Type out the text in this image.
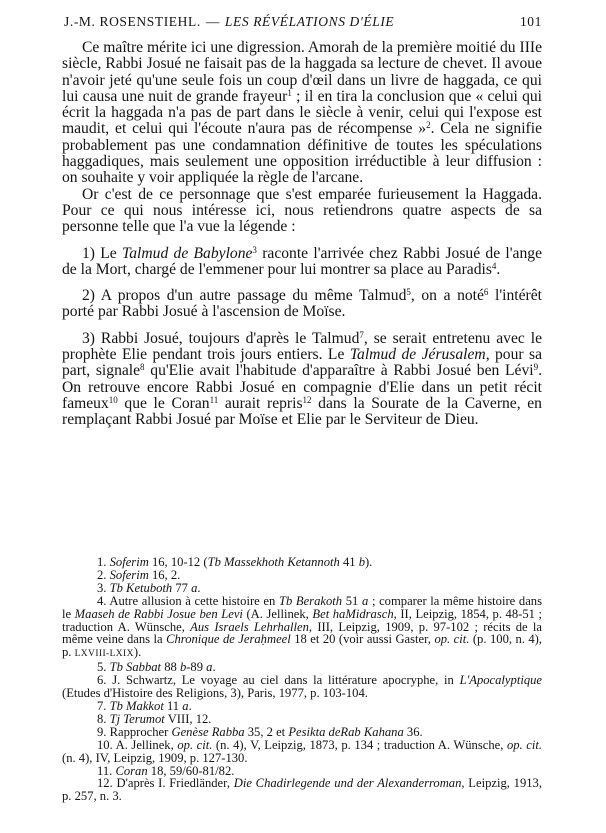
J.-M. ROSENSTIEHL. — LES RÉVÉLATIONS D'ÉLIE	101

Ce maître mérite ici une digression. Amorah de la première moitié du IIIe siècle, Rabbi Josué ne faisait pas de la haggada sa lecture de chevet. Il avoue n'avoir jeté qu'une seule fois un coup d'œil dans un livre de haggada, ce qui lui causa une nuit de grande frayeur$^1$ ; il en tira la conclusion que « celui qui écrit la haggada n'a pas de part dans le siècle à venir, celui qui l'expose est maudit, et celui qui l'écoute n'aura pas de récompense »$^2$. Cela ne signifie probablement pas une condamnation définitive de toutes les spéculations haggadiques, mais seulement une opposition irréductible à leur diffusion : on souhaite y voir appliquée la règle de l'arcane.

Or c'est de ce personnage que s'est emparée furieusement la Haggada. Pour ce qui nous intéresse ici, nous retiendrons quatre aspects de sa personne telle que l'a vue la légende :

1) Le Talmud de Babylone$^3$ raconte l'arrivée chez Rabbi Josué de l'ange de la Mort, chargé de l'emmener pour lui montrer sa place au Paradis$^4$.

2) A propos d'un autre passage du même Talmud$^5$, on a noté$^6$ l'intérêt porté par Rabbi Josué à l'ascension de Moïse.

3) Rabbi Josué, toujours d'après le Talmud$^7$, se serait entretenu avec le prophète Elie pendant trois jours entiers. Le Talmud de Jérusalem, pour sa part, signale$^8$ qu'Elie avait l'habitude d'apparaître à Rabbi Josué ben Lévi$^9$. On retrouve encore Rabbi Josué en compagnie d'Elie dans un petit récit fameux$^{10}$ que le Coran$^{11}$ aurait repris$^{12}$ dans la Sourate de la Caverne, en remplaçant Rabbi Josué par Moïse et Elie par le Serviteur de Dieu.

1. Soferim 16, 10-12 (Tb Massekhoth Ketannoth 41 b).

2. Soferim 16, 2.

3. Tb Ketuboth 77 a.

4. Autre allusion à cette histoire en Tb Berakoth 51 a ; comparer la même histoire dans le Maaseh de Rabbi Josue ben Levi (A. Jellinek, Bet haMidrasch, II, Leipzig, 1854, p. 48-51 ; traduction A. Wünsche, Aus Israels Lehrhallen, III, Leipzig, 1909, p. 97-102 ; récits de la même veine dans la Chronique de Jeraḥmeel 18 et 20 (voir aussi Gaster, op. cit. (p. 100, n. 4), p. LXVIII-LXIX).

5. Tb Sabbat 88 b-89 a.

6. J. Schwartz, Le voyage au ciel dans la littérature apocryphe, in L'Apocalyptique (Etudes d'Histoire des Religions, 3), Paris, 1977, p. 103-104.

7. Tb Makkot 11 a.

8. Tj Terumot VIII, 12.

9. Rapprocher Genèse Rabba 35, 2 et Pesikta deRab Kahana 36.

10. A. Jellinek, op. cit. (n. 4), V, Leipzig, 1873, p. 134 ; traduction A. Wünsche, op. cit. (n. 4), IV, Leipzig, 1909, p. 127-130.

11. Coran 18, 59/60-81/82.

12. D'après I. Friedländer, Die Chadirlegende und der Alexanderroman, Leipzig, 1913, p. 257, n. 3.
